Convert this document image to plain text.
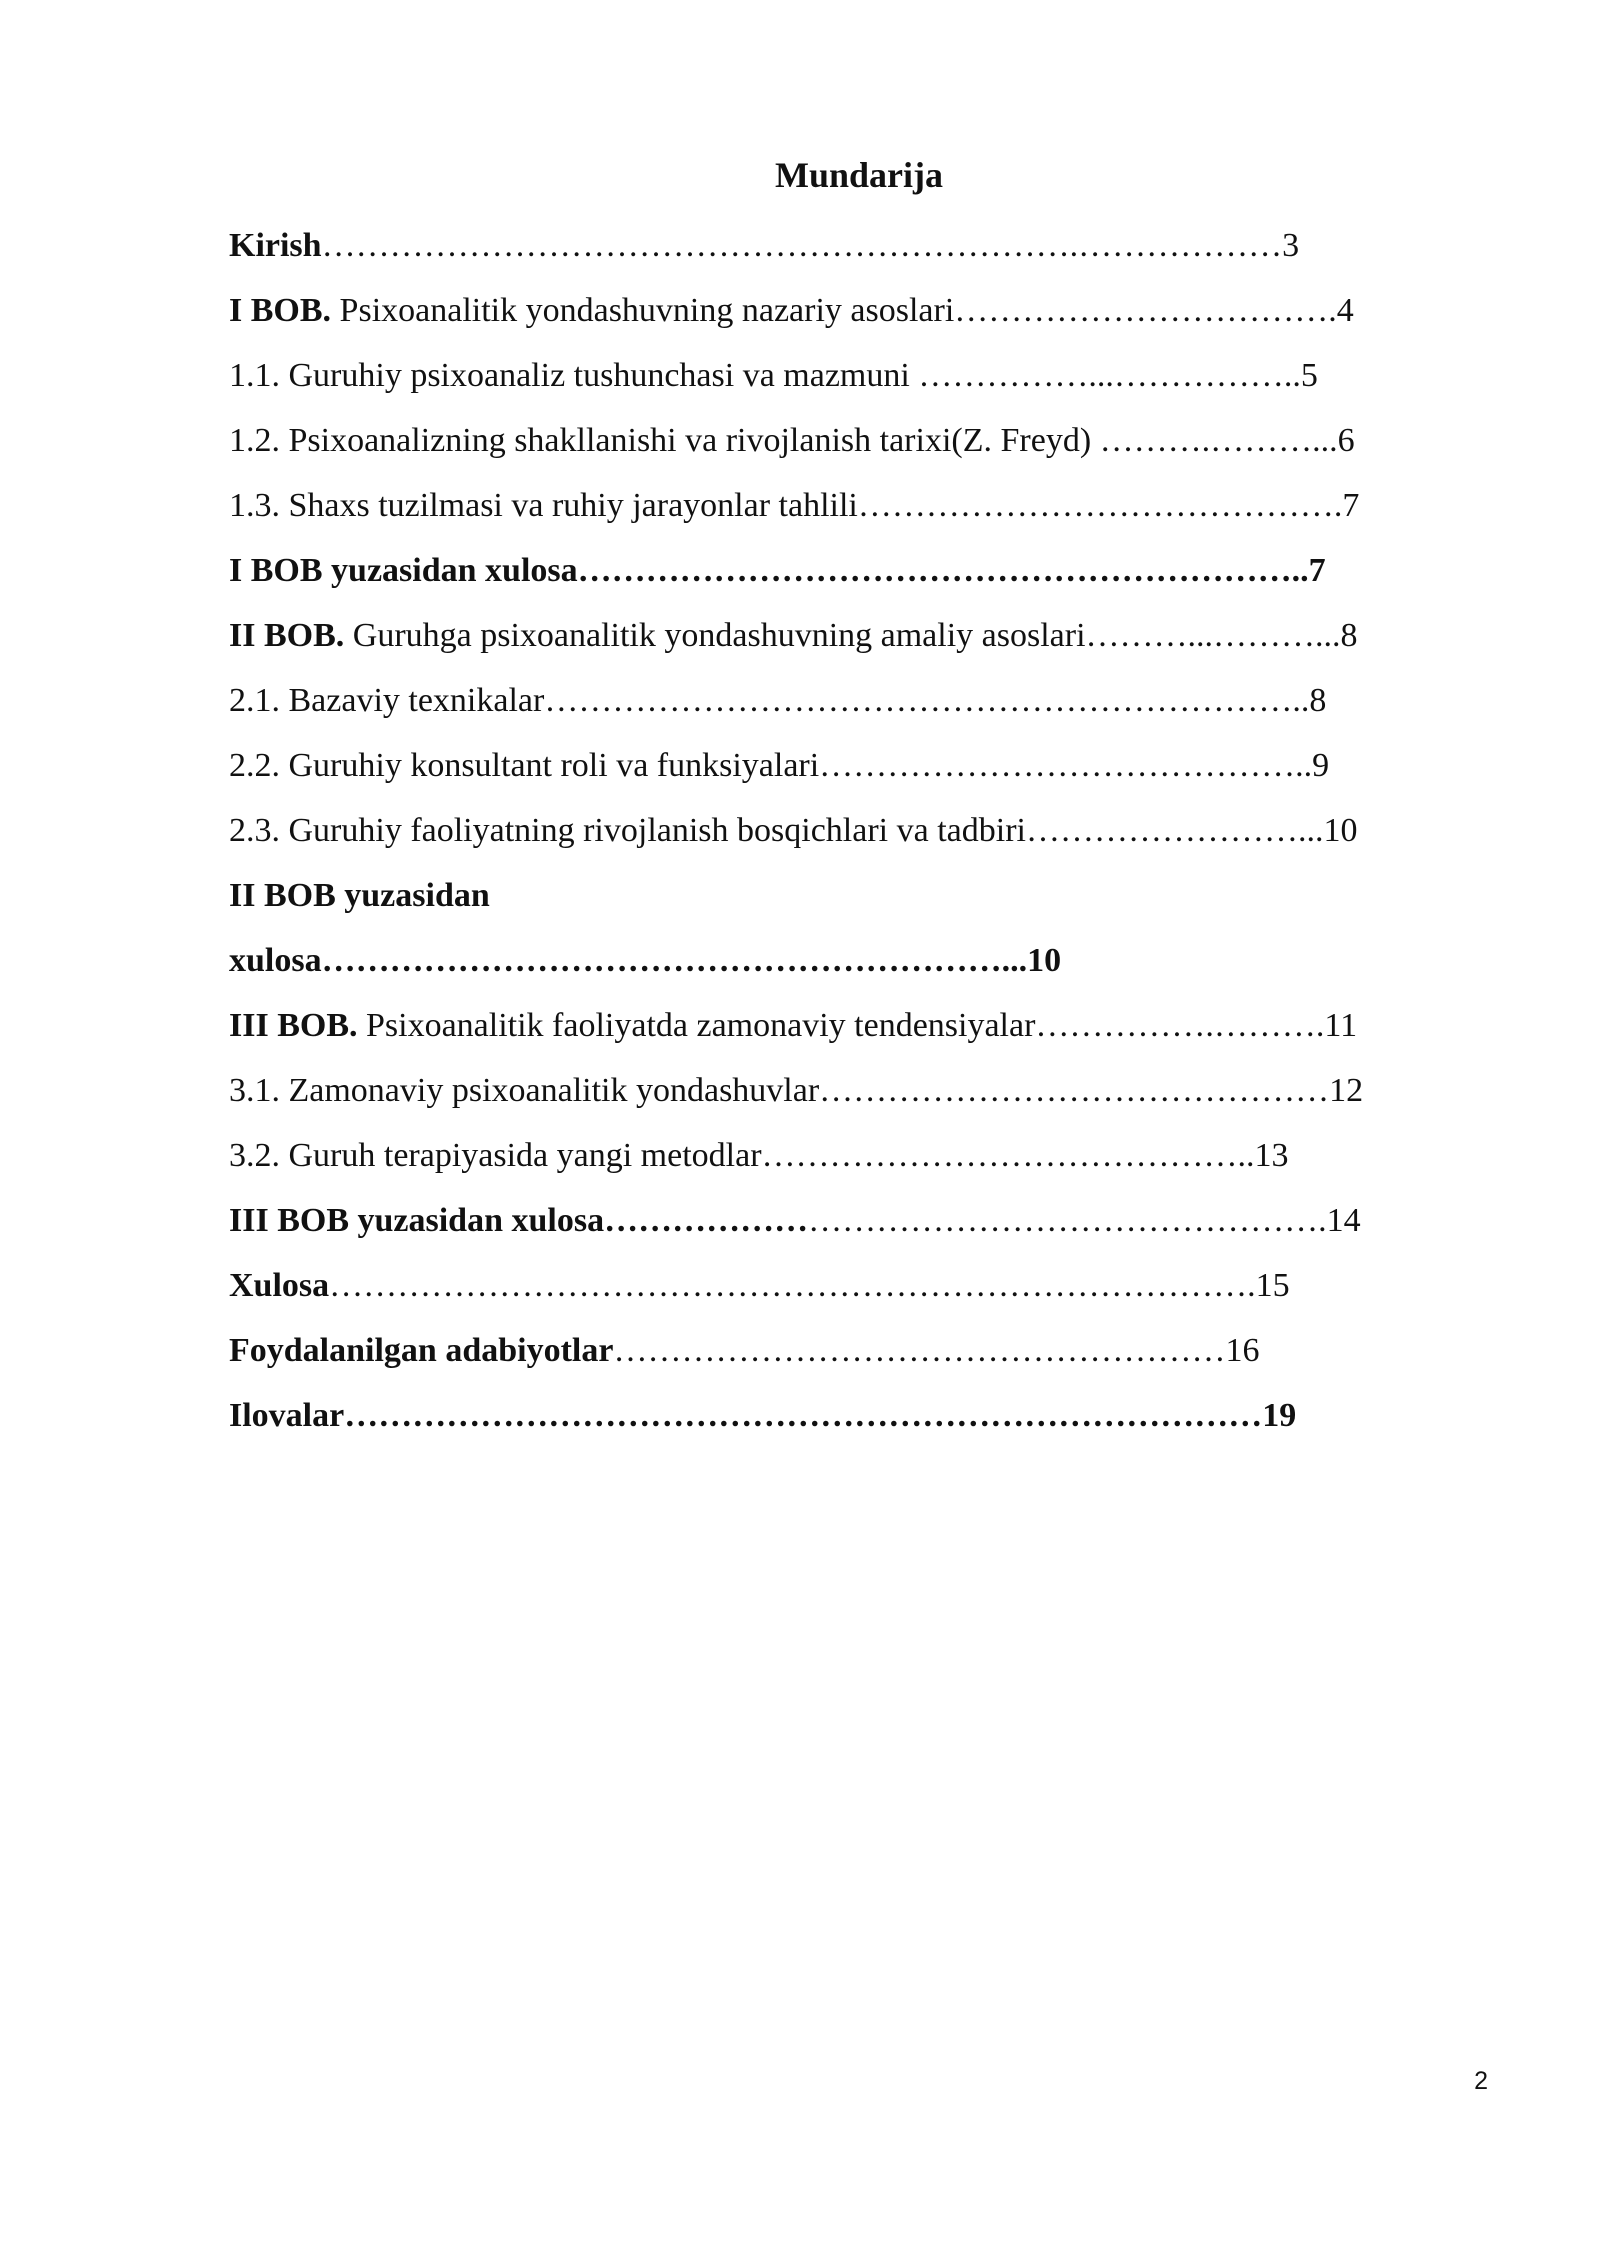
Mundarija
Kirish………………………………………………………….………………3
I BOB. Psixoanalitik yondashuvning nazariy asoslari…………………………….4
1.1. Guruhiy psixoanaliz tushunchasi va mazmuni ……………...……………..5
1.2. Psixoanalizning shakllanishi va rivojlanish tarixi(Z. Freyd) ……….………...6
1.3. Shaxs tuzilmasi va ruhiy jarayonlar tahlili…………………………………….7
I BOB yuzasidan xulosa………………………………………………………..7
II BOB. Guruhga psixoanalitik yondashuvning amaliy asoslari………...………...8
2.1. Bazaviy texnikalar…………………………………………………………..8
2.2. Guruhiy konsultant roli va funksiyalari……………………………………..9
2.3. Guruhiy faoliyatning rivojlanish bosqichlari va tadbiri……………………...10
II BOB yuzasidan
xulosa……………………………………………………...10
III BOB. Psixoanalitik faoliyatda zamonaviy tendensiyalar…………….……….11
3.1. Zamonaviy psixoanalitik yondashuvlar………………………………………12
3.2. Guruh terapiyasida yangi metodlar……………………………………..13
III BOB yuzasidan xulosa……………………………………………………….14
Xulosa……………………………………………………………………….15
Foydalanilgan adabiyotlar………………………………………………16
Ilovalar………………………………………………………………………19
2
